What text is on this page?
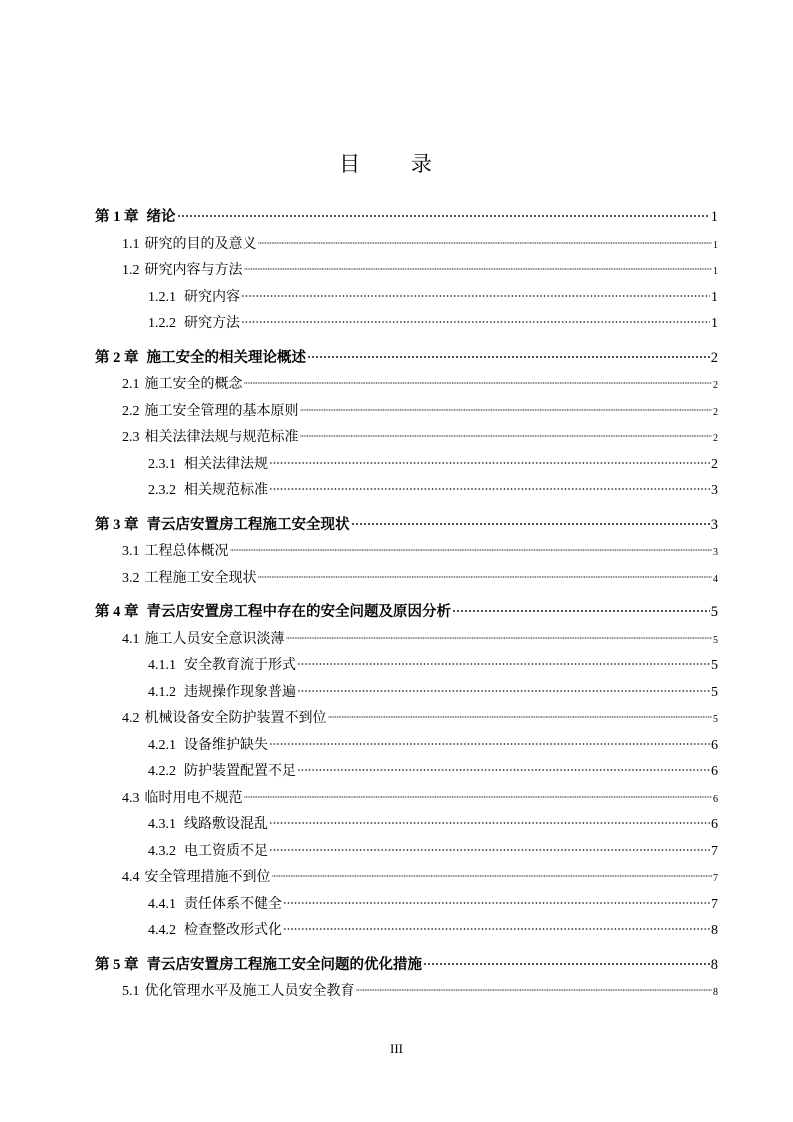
目 录
第 1 章 绪论	1
1.1 研究的目的及意义	1
1.2 研究内容与方法	1
1.2.1 研究内容	1
1.2.2 研究方法	1
第 2 章 施工安全的相关理论概述	2
2.1 施工安全的概念	2
2.2 施工安全管理的基本原则	2
2.3 相关法律法规与规范标准	2
2.3.1 相关法律法规	2
2.3.2 相关规范标准	3
第 3 章 青云店安置房工程施工安全现状	3
3.1 工程总体概况	3
3.2 工程施工安全现状	4
第 4 章 青云店安置房工程中存在的安全问题及原因分析	5
4.1 施工人员安全意识淡薄	5
4.1.1 安全教育流于形式	5
4.1.2 违规操作现象普遍	5
4.2 机械设备安全防护装置不到位	5
4.2.1 设备维护缺失	6
4.2.2 防护装置配置不足	6
4.3 临时用电不规范	6
4.3.1 线路敷设混乱	6
4.3.2 电工资质不足	7
4.4 安全管理措施不到位	7
4.4.1 责任体系不健全	7
4.4.2 检查整改形式化	8
第 5 章 青云店安置房工程施工安全问题的优化措施	8
5.1 优化管理水平及施工人员安全教育	8
III
